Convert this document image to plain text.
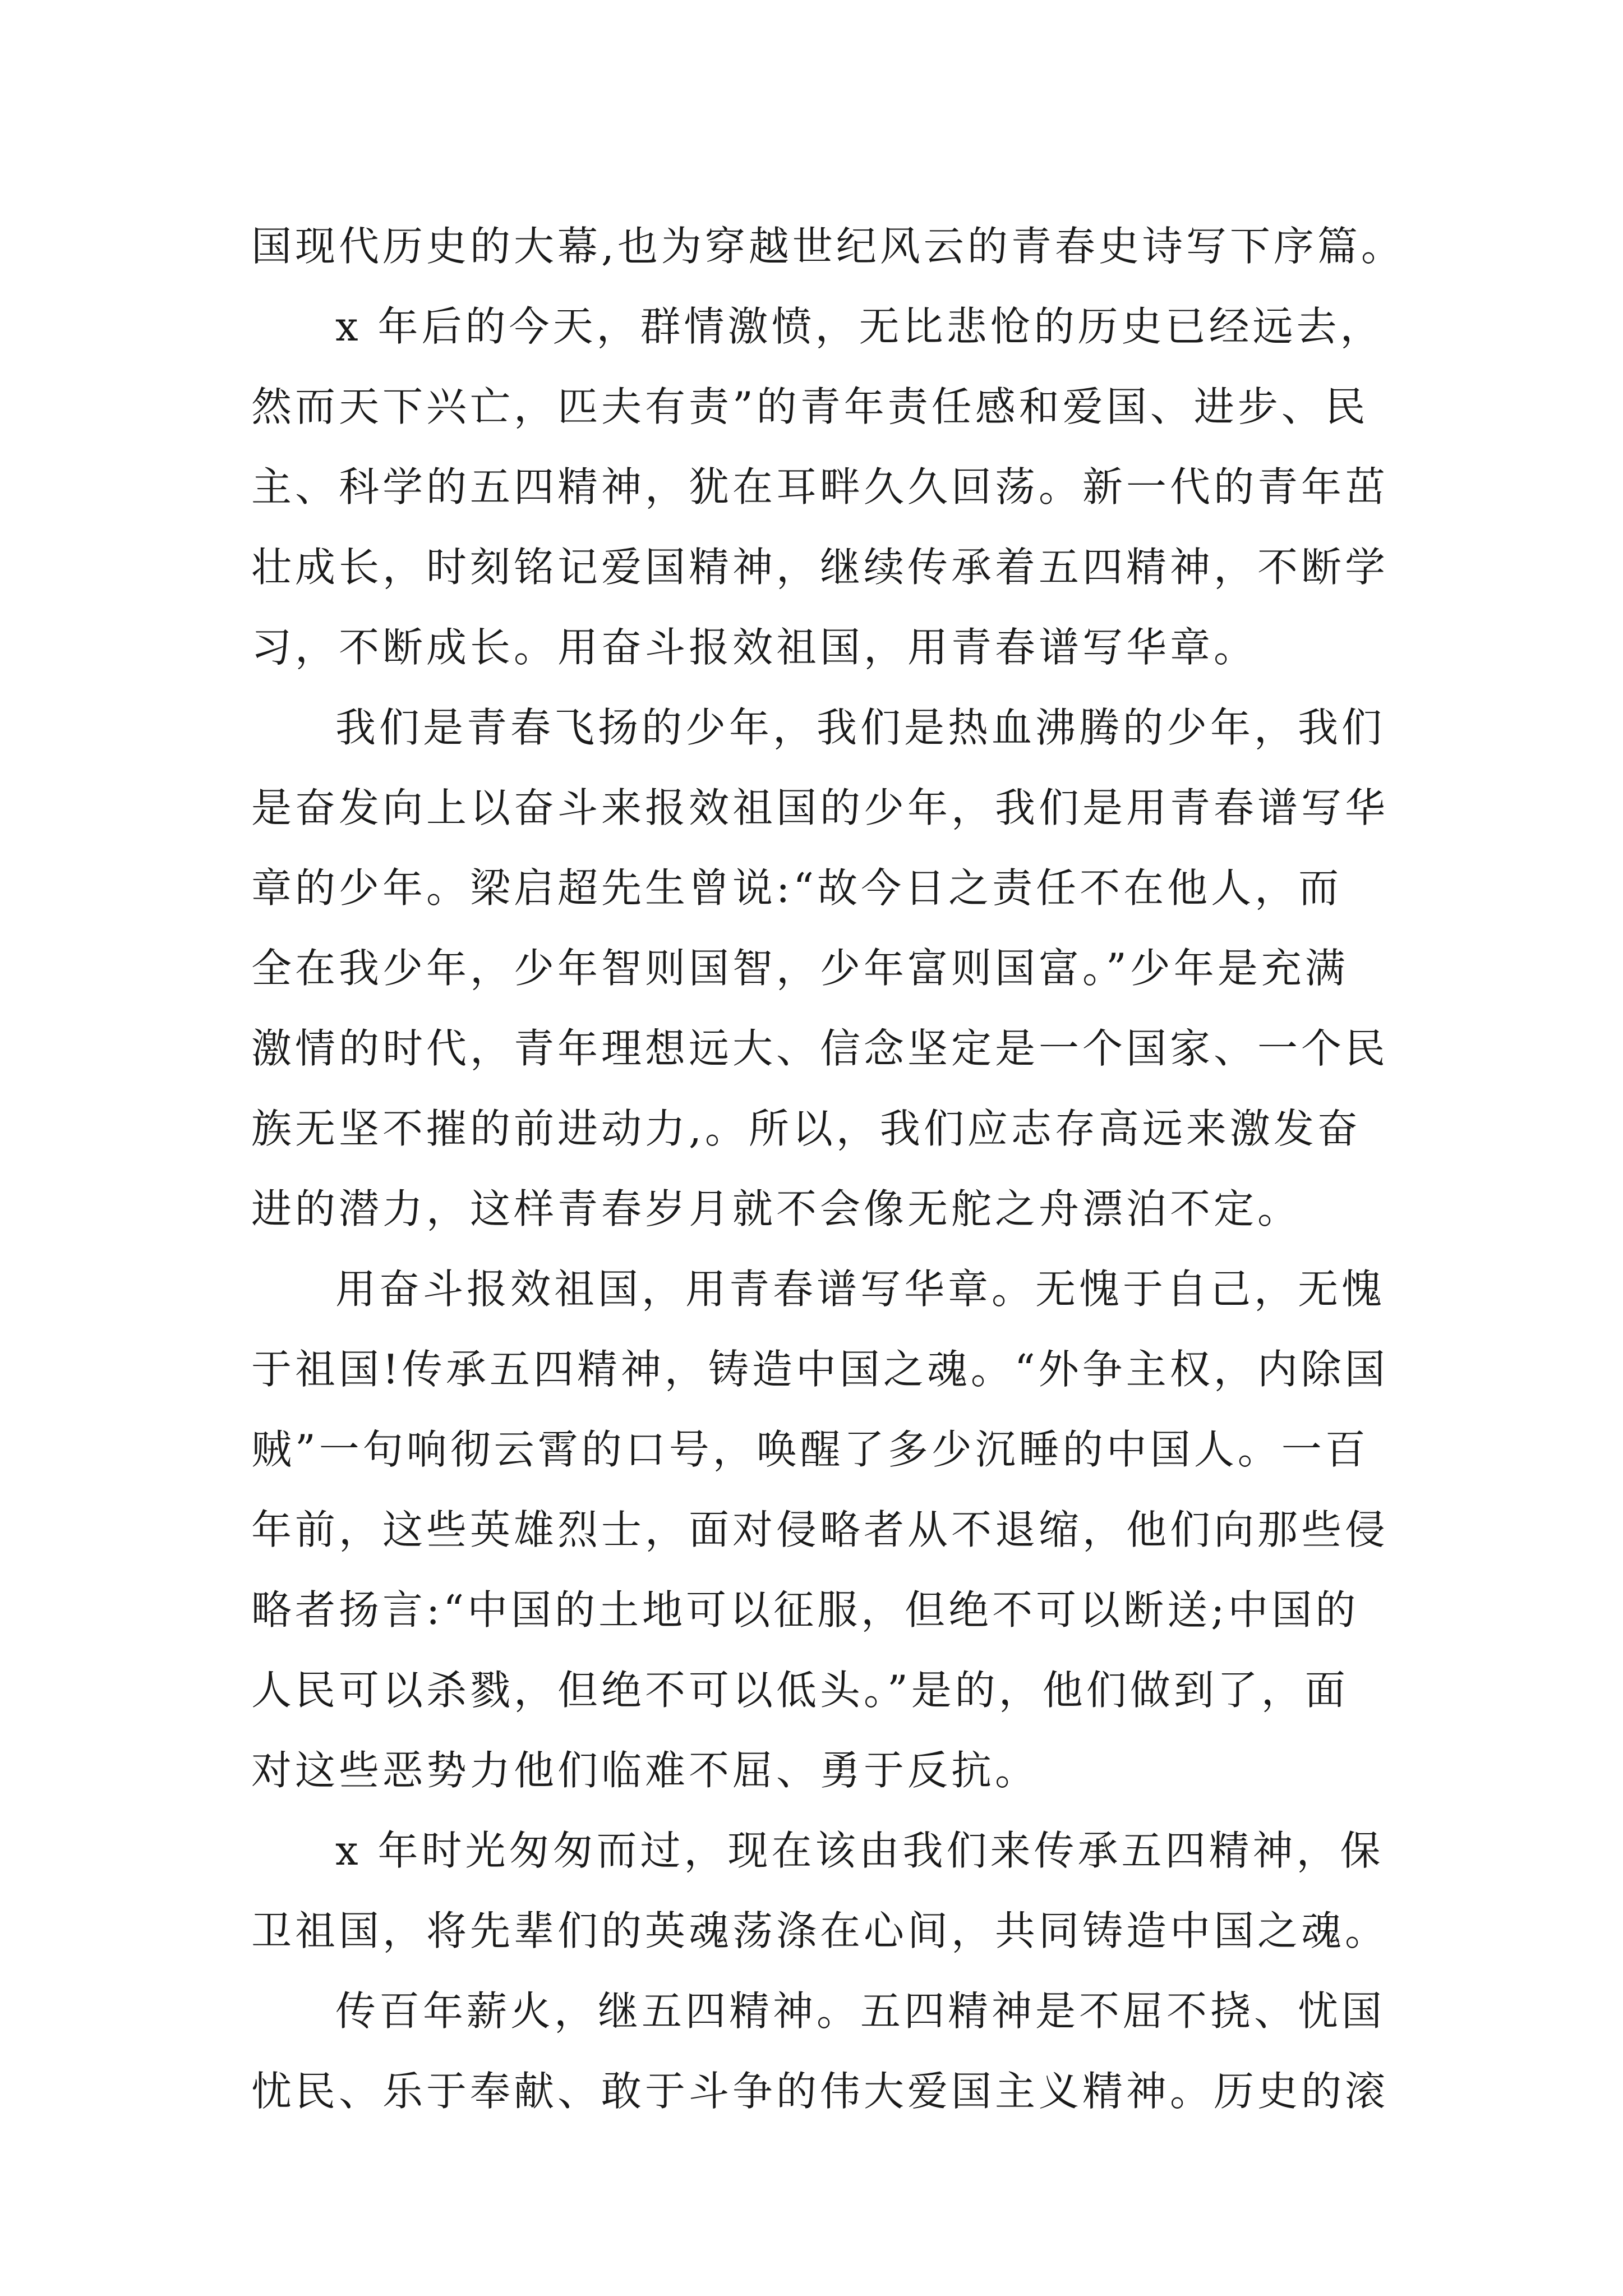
国现代历史的大幕,也为穿越世纪风云的青春史诗写下序篇。
x 年后的今天，群情激愤，无比悲怆的历史已经远去，
然而天下兴亡，匹夫有责”的青年责任感和爱国、进步、民
主、科学的五四精神，犹在耳畔久久回荡。新一代的青年茁
壮成长，时刻铭记爱国精神，继续传承着五四精神，不断学
习，不断成长。用奋斗报效祖国，用青春谱写华章。
我们是青春飞扬的少年，我们是热血沸腾的少年，我们
是奋发向上以奋斗来报效祖国的少年，我们是用青春谱写华
章的少年。梁启超先生曾说:“故今日之责任不在他人，而
全在我少年，少年智则国智，少年富则国富。”少年是充满
激情的时代，青年理想远大、信念坚定是一个国家、一个民
族无坚不摧的前进动力,。所以，我们应志存高远来激发奋
进的潜力，这样青春岁月就不会像无舵之舟漂泊不定。
用奋斗报效祖国，用青春谱写华章。无愧于自己，无愧
于祖国!传承五四精神，铸造中国之魂。“外争主权，内除国
贼”一句响彻云霄的口号，唤醒了多少沉睡的中国人。一百
年前，这些英雄烈士，面对侵略者从不退缩，他们向那些侵
略者扬言:“中国的土地可以征服，但绝不可以断送;中国的
人民可以杀戮，但绝不可以低头。”是的，他们做到了，面
对这些恶势力他们临难不屈、勇于反抗。
x 年时光匆匆而过，现在该由我们来传承五四精神，保
卫祖国，将先辈们的英魂荡涤在心间，共同铸造中国之魂。
传百年薪火，继五四精神。五四精神是不屈不挠、忧国
忧民、乐于奉献、敢于斗争的伟大爱国主义精神。历史的滚
